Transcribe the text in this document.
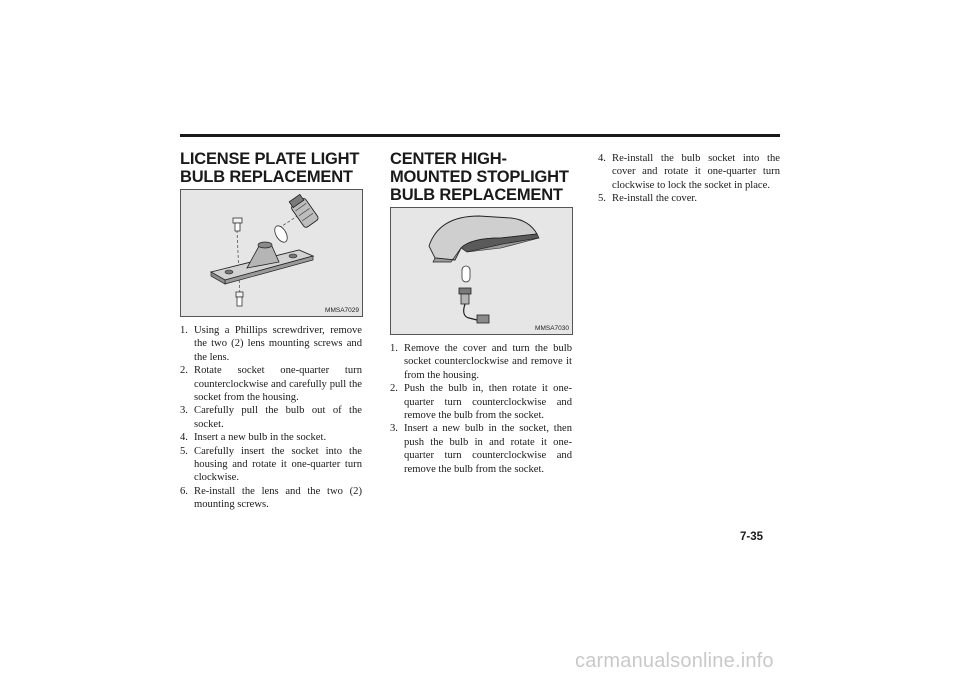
LICENSE PLATE LIGHT BULB REPLACEMENT
MMSA7029
1. Using a Phillips screwdriver, remove the two (2) lens mounting screws and the lens.
2. Rotate socket one-quarter turn counterclockwise and carefully pull the socket from the housing.
3. Carefully pull the bulb out of the socket.
4. Insert a new bulb in the socket.
5. Carefully insert the socket into the housing and rotate it one-quarter turn clockwise.
6. Re-install the lens and the two (2) mounting screws.
CENTER HIGH-MOUNTED STOPLIGHT BULB REPLACEMENT
MMSA7030
1. Remove the cover and turn the bulb socket counterclockwise and remove it from the housing.
2. Push the bulb in, then rotate it one-quarter turn counterclockwise and remove the bulb from the socket.
3. Insert a new bulb in the socket, then push the bulb in and rotate it one-quarter turn counterclockwise and remove the bulb from the socket.
4. Re-install the bulb socket into the cover and rotate it one-quarter turn clockwise to lock the socket in place.
5. Re-install the cover.
7-35
carmanualsonline.info
